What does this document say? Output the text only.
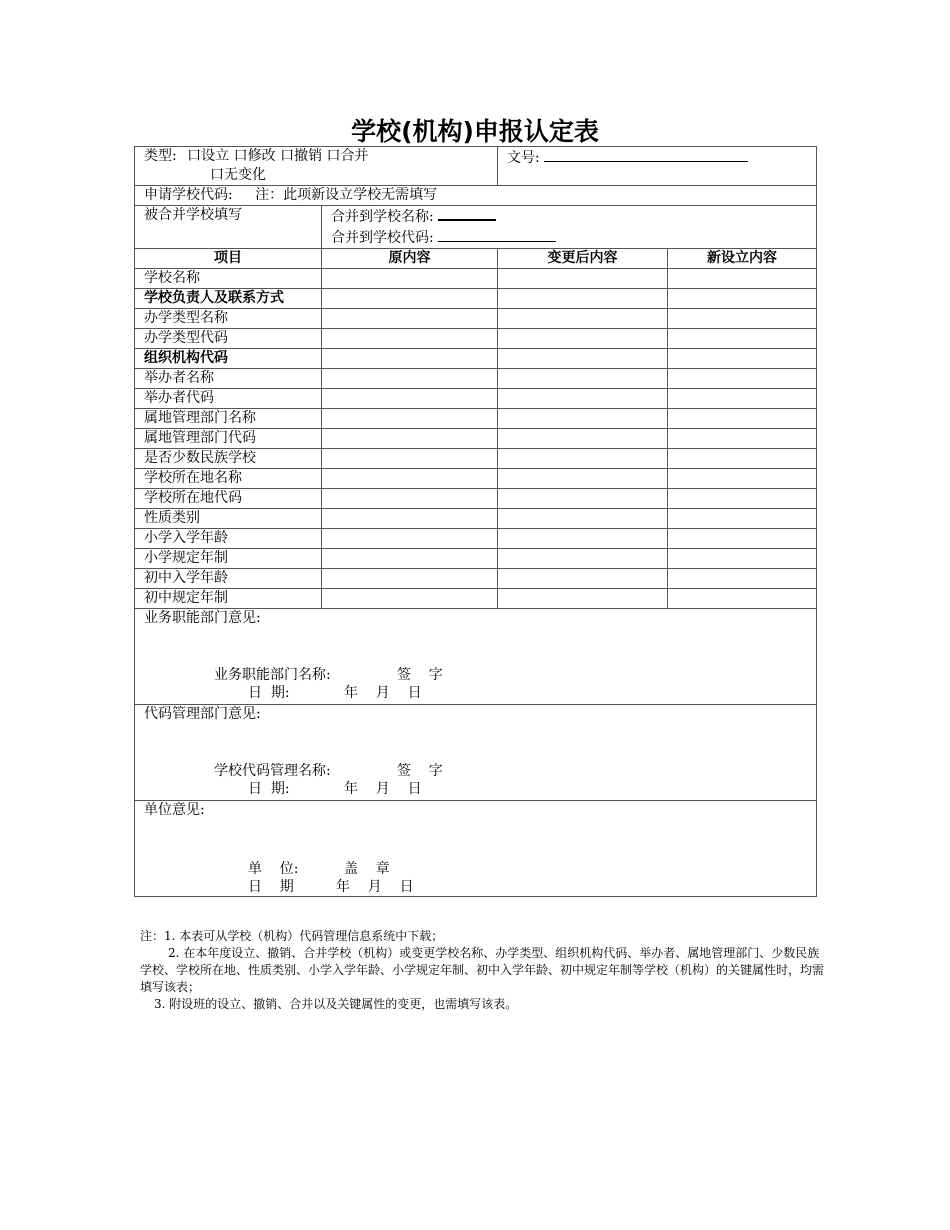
学校(机构)申报认定表
类型: 口设立 口修改 口撤销 口合并
口无变化		文号:	
申请学校代码: 注：此项新设立学校无需填写			
被合并学校填写	合并到学校名称:
合并到学校代码:		
项目	原内容	变更后内容	新设立内容
学校名称			
学校负责人及联系方式			
办学类型名称			
办学类型代码			
组织机构代码			
举办者名称			
举办者代码			
属地管理部门名称			
属地管理部门代码			
是否少数民族学校			
学校所在地名称			
学校所在地代码			
性质类别			
小学入学年龄			
小学规定年制			
初中入学年龄			
初中规定年制			

业务职能部门意见:
业务职能部门名称: 签    字
日  期: 年    月    日			

代码管理部门意见:
学校代码管理名称: 签    字
日  期: 年    月    日			

单位意见:
单    位: 盖    章
日    期 年    月    日			

注：1. 本表可从学校（机构）代码管理信息系统中下载；

2. 在本年度设立、撤销、合并学校（机构）或变更学校名称、办学类型、组织机构代码、举办者、属地管理部门、少数民族学校、学校所在地、性质类别、小学入学年龄、小学规定年制、初中入学年龄、初中规定年制等学校（机构）的关键属性时，均需填写该表；

3. 附设班的设立、撤销、合并以及关键属性的变更，也需填写该表。
